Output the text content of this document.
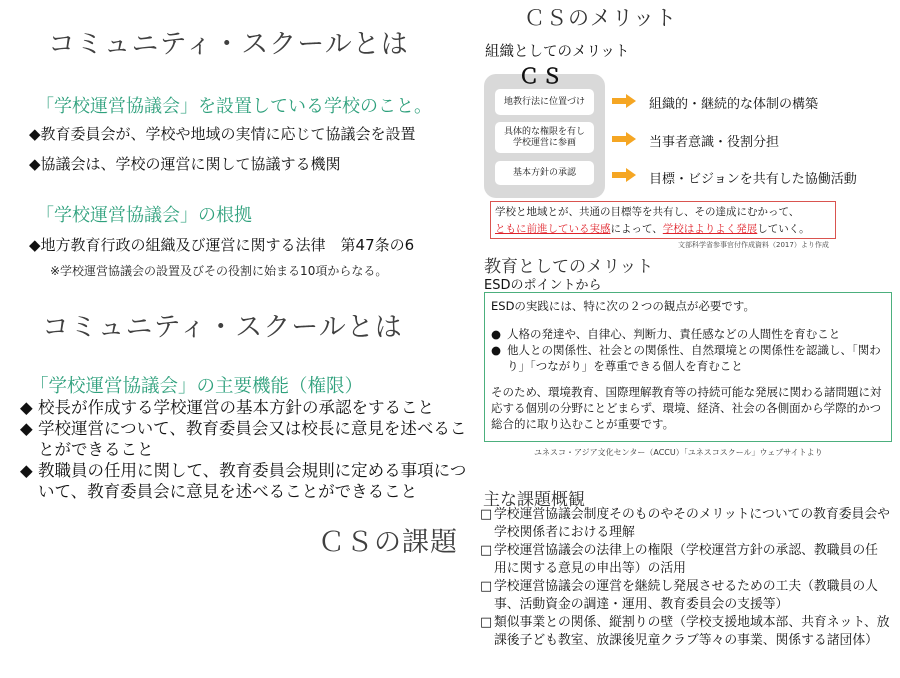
コミュニティ・スクールとは
「学校運営協議会」を設置している学校のこと。
◆教育委員会が、学校や地域の実情に応じて協議会を設置
◆協議会は、学校の運営に関して協議する機関
「学校運営協議会」の根拠
◆地方教育行政の組織及び運営に関する法律　第47条の6
※学校運営協議会の設置及びその役割に始まる10項からなる。
コミュニティ・スクールとは
「学校運営協議会」の主要機能（権限）
◆ 校長が作成する学校運営の基本方針の承認をすること
◆ 学校運営について、教育委員会又は校長に意見を述べることができること
◆ 教職員の任用に関して、教育委員会規則に定める事項について、教育委員会に意見を述べることができること
ＣＳの課題
ＣＳのメリット
組織としてのメリット
ＣＳ
地教行法に位置づけ
具体的な権限を有し
学校運営に参画
基本方針の承認
組織的・継続的な体制の構築
当事者意識・役割分担
目標・ビジョンを共有した協働活動
学校と地域とが、共通の目標等を共有し、その達成にむかって、
ともに前進している実感によって、学校はよりよく発展していく。
文部科学省参事官付作成資料（2017）より作成
教育としてのメリット
ESDのポイントから
ESDの実践には、特に次の２つの観点が必要です。
● 人格の発達や、自律心、判断力、責任感などの人間性を育むこと
● 他人との関係性、社会との関係性、自然環境との関係性を認識し、「関わり」「つながり」を尊重できる個人を育むこと
そのため、環境教育、国際理解教育等の持続可能な発展に関わる諸問題に対応する個別の分野にとどまらず、環境、経済、社会の各側面から学際的かつ総合的に取り込むことが重要です。
ユネスコ・アジア文化センター（ACCU）「ユネスコスクール」ウェブサイトより
主な課題概観
□ 学校運営協議会制度そのものやそのメリットについての教育委員会や学校関係者における理解
□ 学校運営協議会の法律上の権限（学校運営方針の承認、教職員の任用に関する意見の申出等）の活用
□ 学校運営協議会の運営を継続し発展させるための工夫（教職員の人事、活動資金の調達・運用、教育委員会の支援等）
□ 類似事業との関係、縦割りの壁（学校支援地域本部、共育ネット、放課後子ども教室、放課後児童クラブ等々の事業、関係する諸団体）
